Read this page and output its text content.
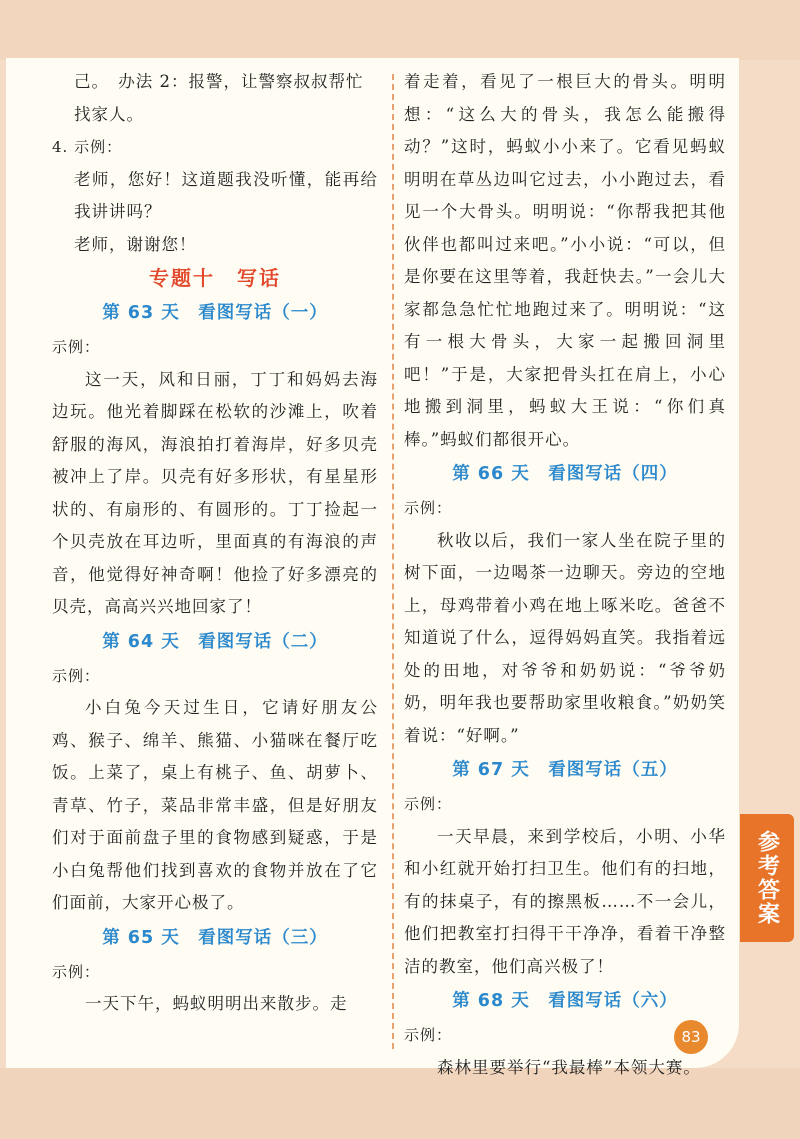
己。　办法 2：报警，让警察叔叔帮忙

找家人。

4. 示例：

老师，您好！这道题我没听懂，能再给我讲讲吗？

老师，谢谢您！

专题十　写话
第 63 天　看图写话（一）

示例：

这一天，风和日丽，丁丁和妈妈去海边玩。他光着脚踩在松软的沙滩上，吹着舒服的海风，海浪拍打着海岸，好多贝壳被冲上了岸。贝壳有好多形状，有星星形状的、有扇形的、有圆形的。丁丁捡起一个贝壳放在耳边听，里面真的有海浪的声音，他觉得好神奇啊！他捡了好多漂亮的贝壳，高高兴兴地回家了！

第 64 天　看图写话（二）

示例：

小白兔今天过生日，它请好朋友公鸡、猴子、绵羊、熊猫、小猫咪在餐厅吃饭。上菜了，桌上有桃子、鱼、胡萝卜、青草、竹子，菜品非常丰盛，但是好朋友们对于面前盘子里的食物感到疑惑，于是小白兔帮他们找到喜欢的食物并放在了它们面前，大家开心极了。

第 65 天　看图写话（三）

示例：

一天下午，蚂蚁明明出来散步。走

着走着，看见了一根巨大的骨头。明明想：“这么大的骨头，我怎么能搬得动？”这时，蚂蚁小小来了。它看见蚂蚁明明在草丛边叫它过去，小小跑过去，看见一个大骨头。明明说：“你帮我把其他伙伴也都叫过来吧。”小小说：“可以，但是你要在这里等着，我赶快去。”一会儿大家都急急忙忙地跑过来了。明明说：“这有一根大骨头，大家一起搬回洞里吧！”于是，大家把骨头扛在肩上，小心地搬到洞里，蚂蚁大王说：“你们真棒。”蚂蚁们都很开心。

第 66 天　看图写话（四）

示例：

秋收以后，我们一家人坐在院子里的树下面，一边喝茶一边聊天。旁边的空地上，母鸡带着小鸡在地上啄米吃。爸爸不知道说了什么，逗得妈妈直笑。我指着远处的田地，对爷爷和奶奶说：“爷爷奶奶，明年我也要帮助家里收粮食。”奶奶笑着说：“好啊。”

第 67 天　看图写话（五）

示例：

一天早晨，来到学校后，小明、小华和小红就开始打扫卫生。他们有的扫地，有的抹桌子，有的擦黑板……不一会儿，他们把教室打扫得干干净净，看着干净整洁的教室，他们高兴极了！

第 68 天　看图写话（六）

示例：

森林里要举行“我最棒”本领大赛。

参考答案
83
